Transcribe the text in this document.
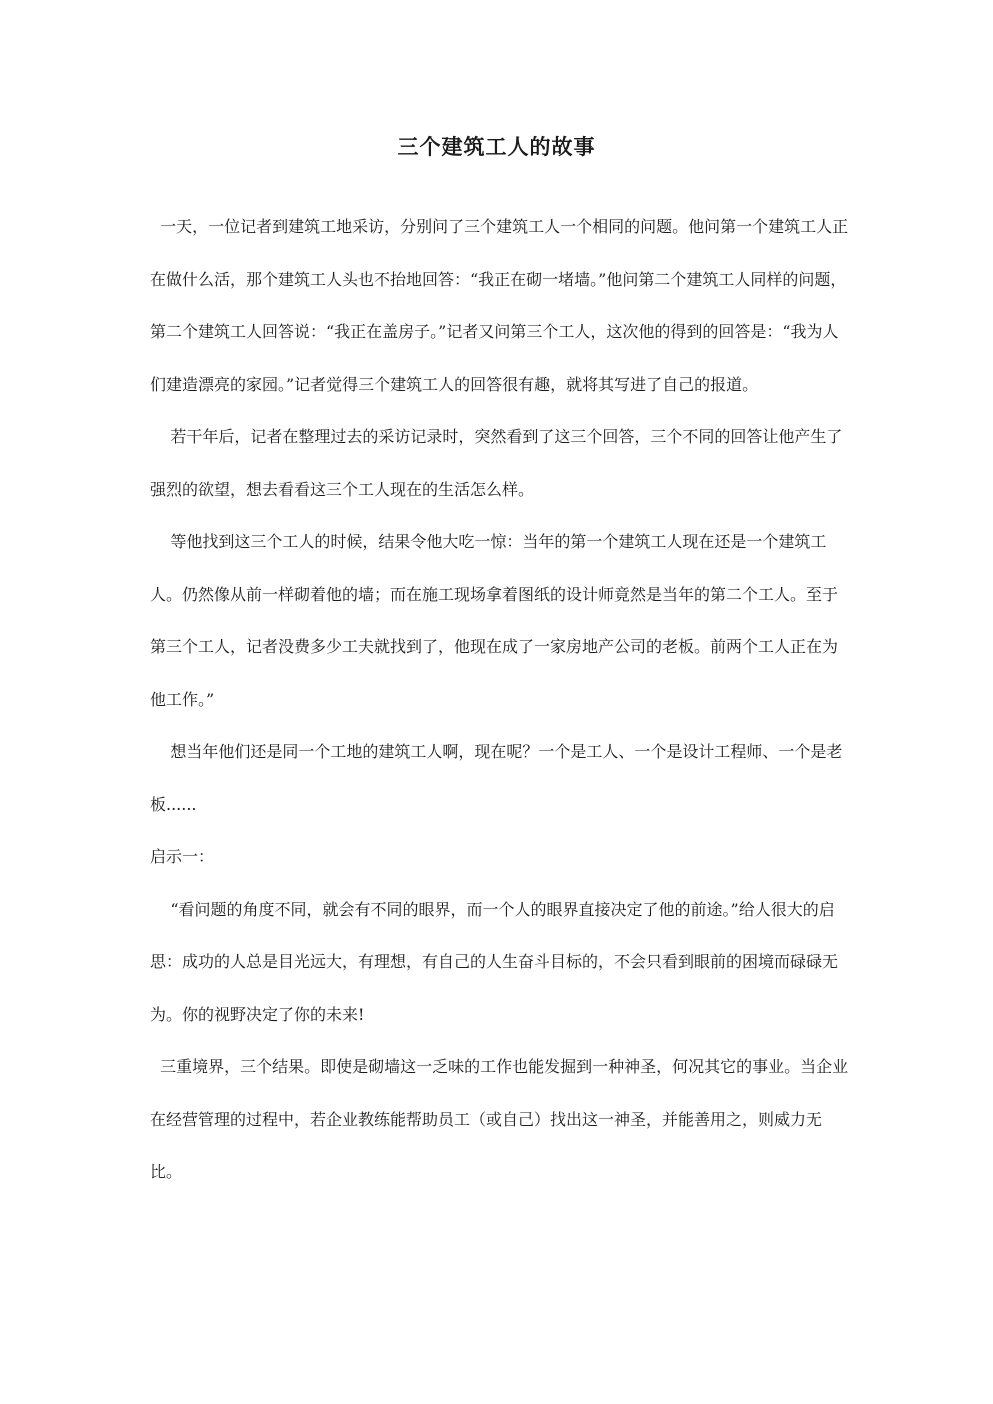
三个建筑工人的故事

一天，一位记者到建筑工地采访，分别问了三个建筑工人一个相同的问题。他问第一个建筑工人正在做什么活，那个建筑工人头也不抬地回答：“我正在砌一堵墙。”他问第二个建筑工人同样的问题，第二个建筑工人回答说：“我正在盖房子。”记者又问第三个工人，这次他的得到的回答是：“我为人们建造漂亮的家园。”记者觉得三个建筑工人的回答很有趣，就将其写进了自己的报道。

若干年后，记者在整理过去的采访记录时，突然看到了这三个回答，三个不同的回答让他产生了强烈的欲望，想去看看这三个工人现在的生活怎么样。

等他找到这三个工人的时候，结果令他大吃一惊：当年的第一个建筑工人现在还是一个建筑工人。仍然像从前一样砌着他的墙；而在施工现场拿着图纸的设计师竟然是当年的第二个工人。至于第三个工人，记者没费多少工夫就找到了，他现在成了一家房地产公司的老板。前两个工人正在为他工作。”

想当年他们还是同一个工地的建筑工人啊，现在呢？一个是工人、一个是设计工程师、一个是老板......

启示一：

“看问题的角度不同，就会有不同的眼界，而一个人的眼界直接决定了他的前途。”给人很大的启思：成功的人总是目光远大，有理想，有自己的人生奋斗目标的，不会只看到眼前的困境而碌碌无为。你的视野决定了你的未来!

三重境界，三个结果。即使是砌墙这一乏味的工作也能发掘到一种神圣，何况其它的事业。当企业在经营管理的过程中，若企业教练能帮助员工（或自己）找出这一神圣，并能善用之，则威力无比。
